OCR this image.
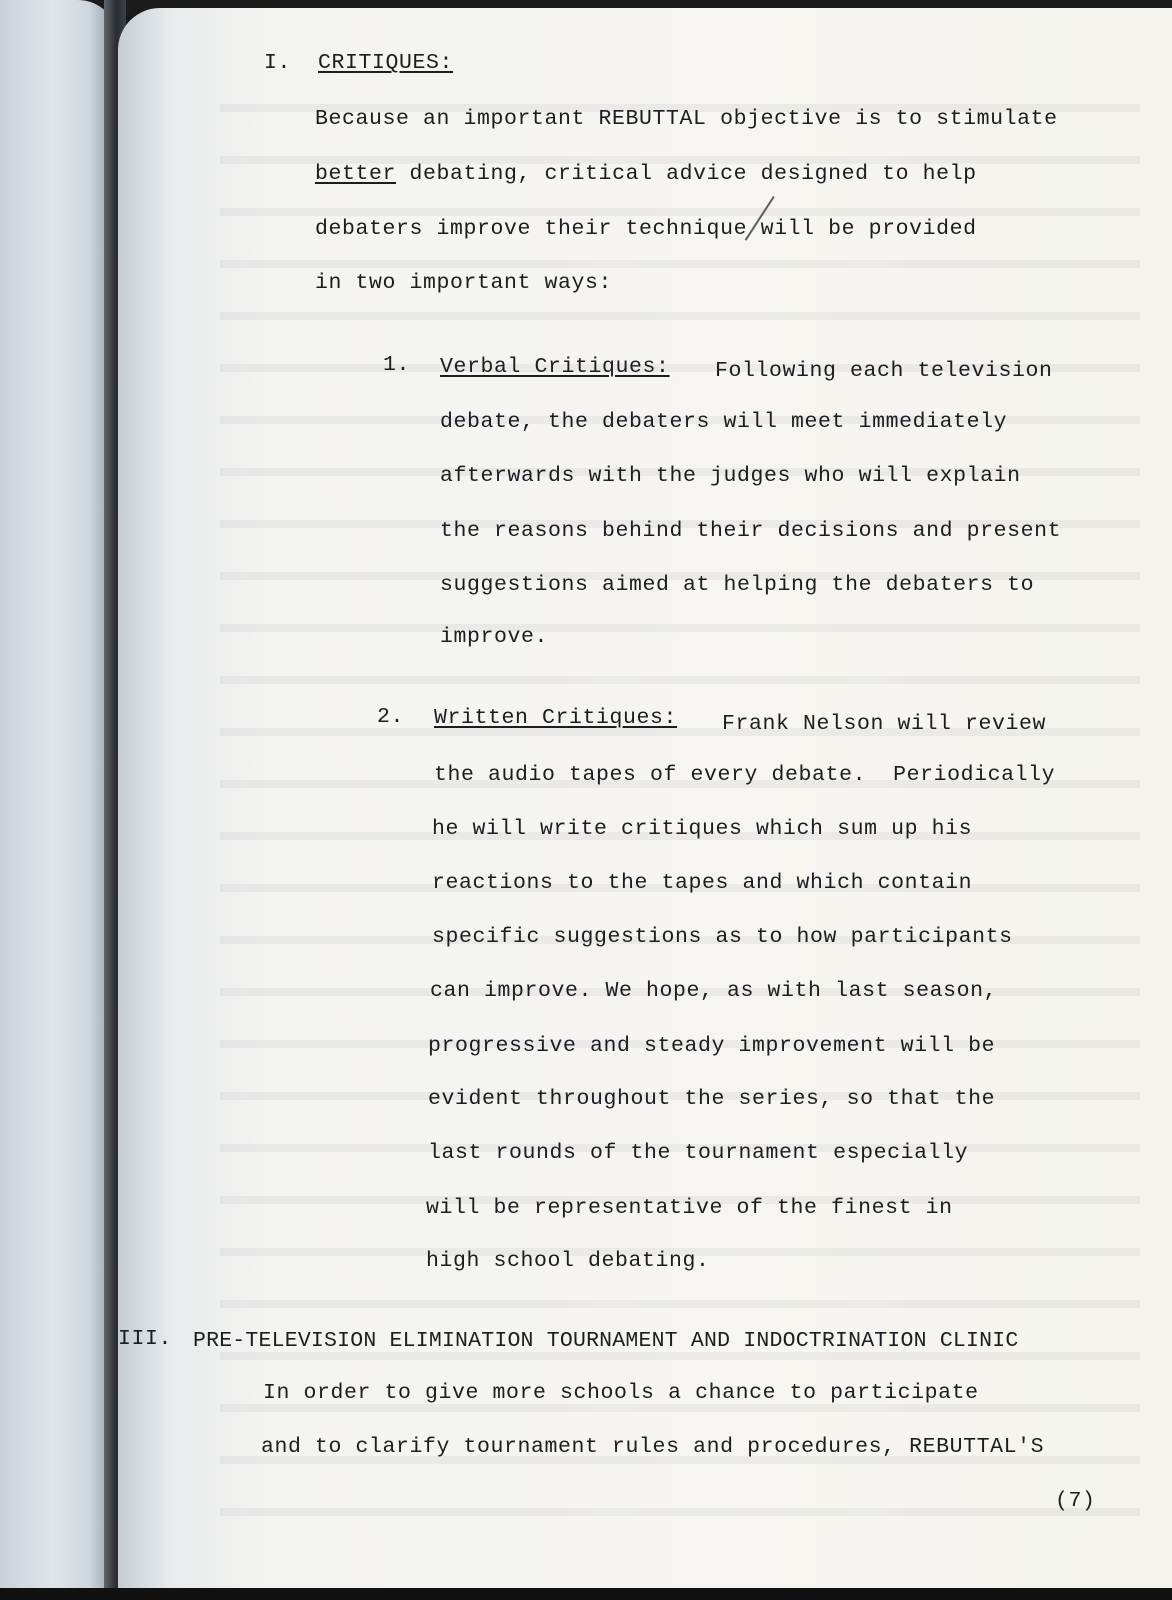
I. CRITIQUES:

Because an important REBUTTAL objective is to stimulate

better debating, critical advice designed to help

debaters improve their technique will be provided

in two important ways:

1. Verbal Critiques: Following each television

debate, the debaters will meet immediately

afterwards with the judges who will explain

the reasons behind their decisions and present

suggestions aimed at helping the debaters to

improve.

2. Written Critiques: Frank Nelson will review

the audio tapes of every debate.  Periodically

he will write critiques which sum up his

reactions to the tapes and which contain

specific suggestions as to how participants

can improve. We hope, as with last season,

progressive and steady improvement will be

evident throughout the series, so that the

last rounds of the tournament especially

will be representative of the finest in

high school debating.

III. PRE-TELEVISION ELIMINATION TOURNAMENT AND INDOCTRINATION CLINIC

In order to give more schools a chance to participate

and to clarify tournament rules and procedures, REBUTTAL'S

(7)
